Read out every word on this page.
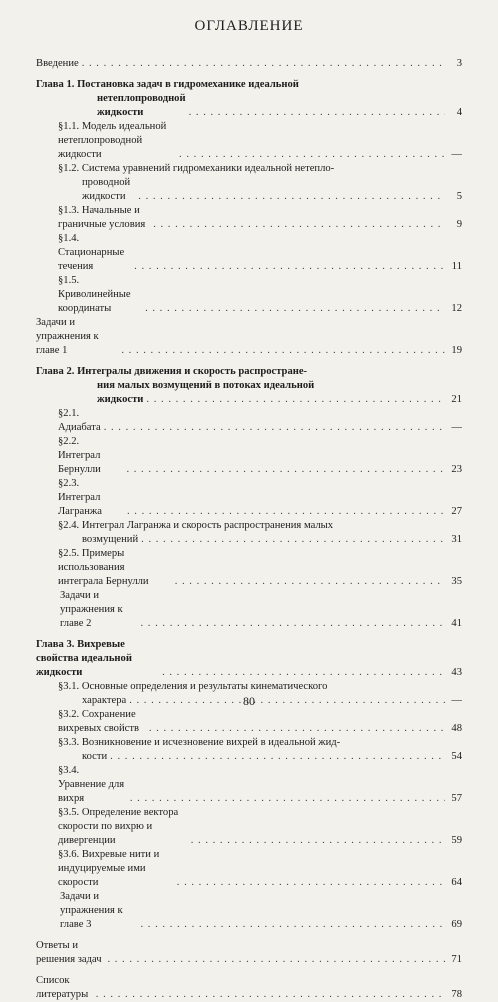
ОГЛАВЛЕНИЕ
Введение . . .	3
Глава 1. Постановка задач в гидромеханике идеальной
нетеплопроводной жидкости . . .	4
§1.1. Модель идеальной нетеплопроводной жидкости . . .	—
§1.2. Система уравнений гидромеханики идеальной нетепло-
проводной жидкости . . .	5
§1.3. Начальные и граничные условия . . .	9
§1.4. Стационарные течения . . .	11
§1.5. Криволинейные координаты . . .	12
Задачи и упражнения к главе 1 . . .	19
Глава 2. Интегралы движения и скорость распростране-
ния малых возмущений в потоках идеальной
жидкости . . .	21
§2.1. Адиабата . . .	—
§2.2. Интеграл Бернулли . . .	23
§2.3. Интеграл Лагранжа . . .	27
§2.4. Интеграл Лагранжа и скорость распространения малых
возмущений . . .	31
§2.5. Примеры использования интеграла Бернулли . . .	35
Задачи и упражнения к главе 2 . . .	41
Глава 3. Вихревые свойства идеальной жидкости . . .	43
§3.1. Основные определения и результаты кинематического
характера . . .	—
§3.2. Сохранение вихревых свойств . . .	48
§3.3. Возникновение и исчезновение вихрей в идеальной жид-
кости . . .	54
§3.4. Уравнение для вихря . . .	57
§3.5. Определение вектора скорости по вихрю и дивергенции . . .	59
§3.6. Вихревые нити и индуцируемые ими скорости . . .	64
Задачи и упражнения к главе 3 . . .	69
Ответы и решения задач . . .	71
Список литературы . . .	78
80
